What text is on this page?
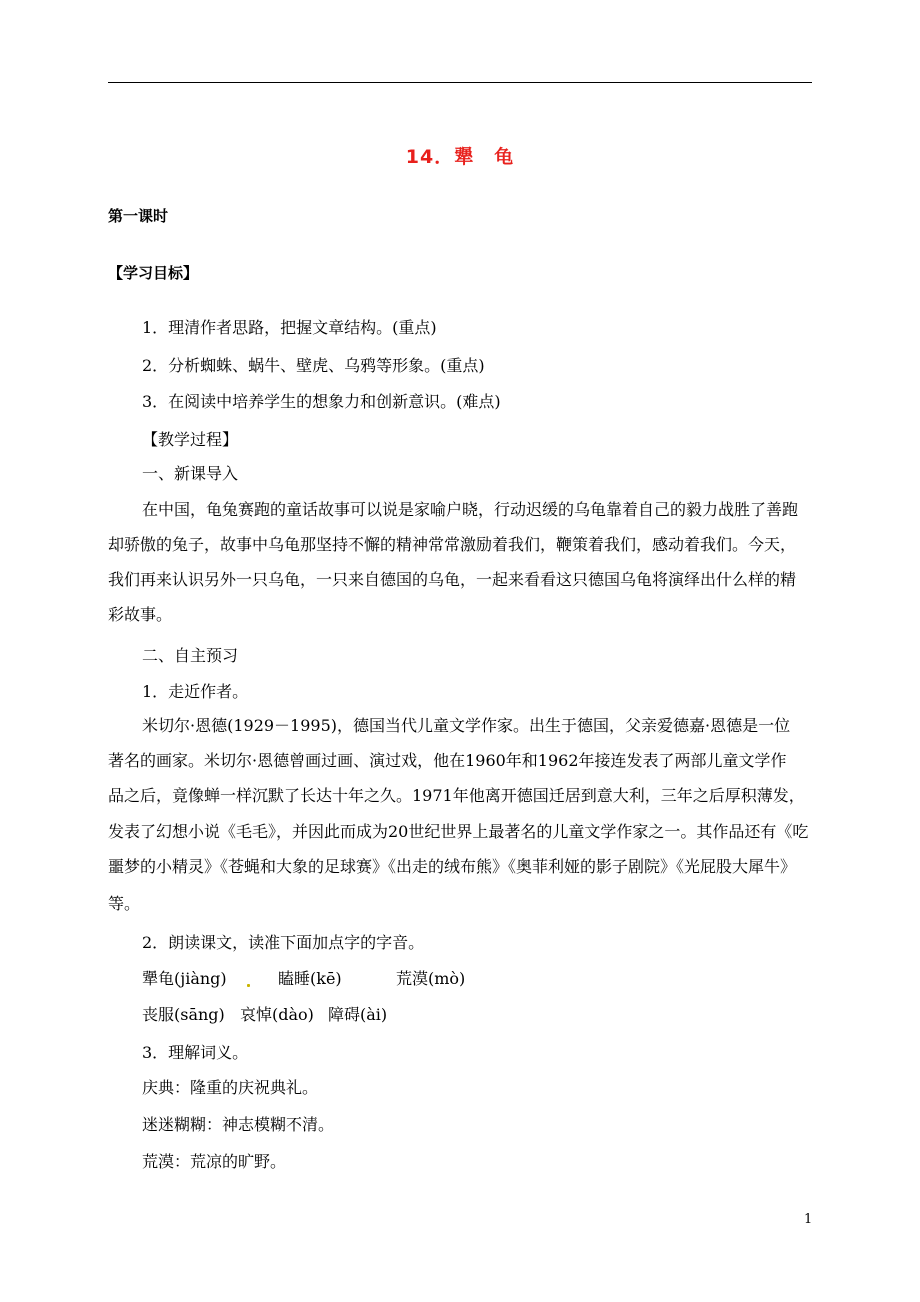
14．犟　龟
第一课时
【学习目标】
1．理清作者思路，把握文章结构。(重点)
2．分析蜘蛛、蜗牛、壁虎、乌鸦等形象。(重点)
3．在阅读中培养学生的想象力和创新意识。(难点)
【教学过程】
一、新课导入
在中国，龟兔赛跑的童话故事可以说是家喻户晓，行动迟缓的乌龟靠着自己的毅力战胜了善跑
却骄傲的兔子，故事中乌龟那坚持不懈的精神常常激励着我们，鞭策着我们，感动着我们。今天，
我们再来认识另外一只乌龟，一只来自德国的乌龟，一起来看看这只德国乌龟将演绎出什么样的精
彩故事。
二、自主预习
1．走近作者。
米切尔·恩德(1929－1995)，德国当代儿童文学作家。出生于德国，父亲爱德嘉·恩德是一位
著名的画家。米切尔·恩德曾画过画、演过戏，他在1960年和1962年接连发表了两部儿童文学作
品之后，竟像蝉一样沉默了长达十年之久。1971年他离开德国迁居到意大利，三年之后厚积薄发，
发表了幻想小说《毛毛》，并因此而成为20世纪世界上最著名的儿童文学作家之一。其作品还有《吃
噩梦的小精灵》《苍蝇和大象的足球赛》《出走的绒布熊》《奥菲利娅的影子剧院》《光屁股大犀牛》
等。
2．朗读课文，读准下面加点字的字音。
犟龟(jiàng)	瞌睡(kē)	荒漠(mò)
丧服(sāng) 哀悼(dào) 障碍(ài)
3．理解词义。
庆典：隆重的庆祝典礼。
迷迷糊糊：神志模糊不清。
荒漠：荒凉的旷野。
1
